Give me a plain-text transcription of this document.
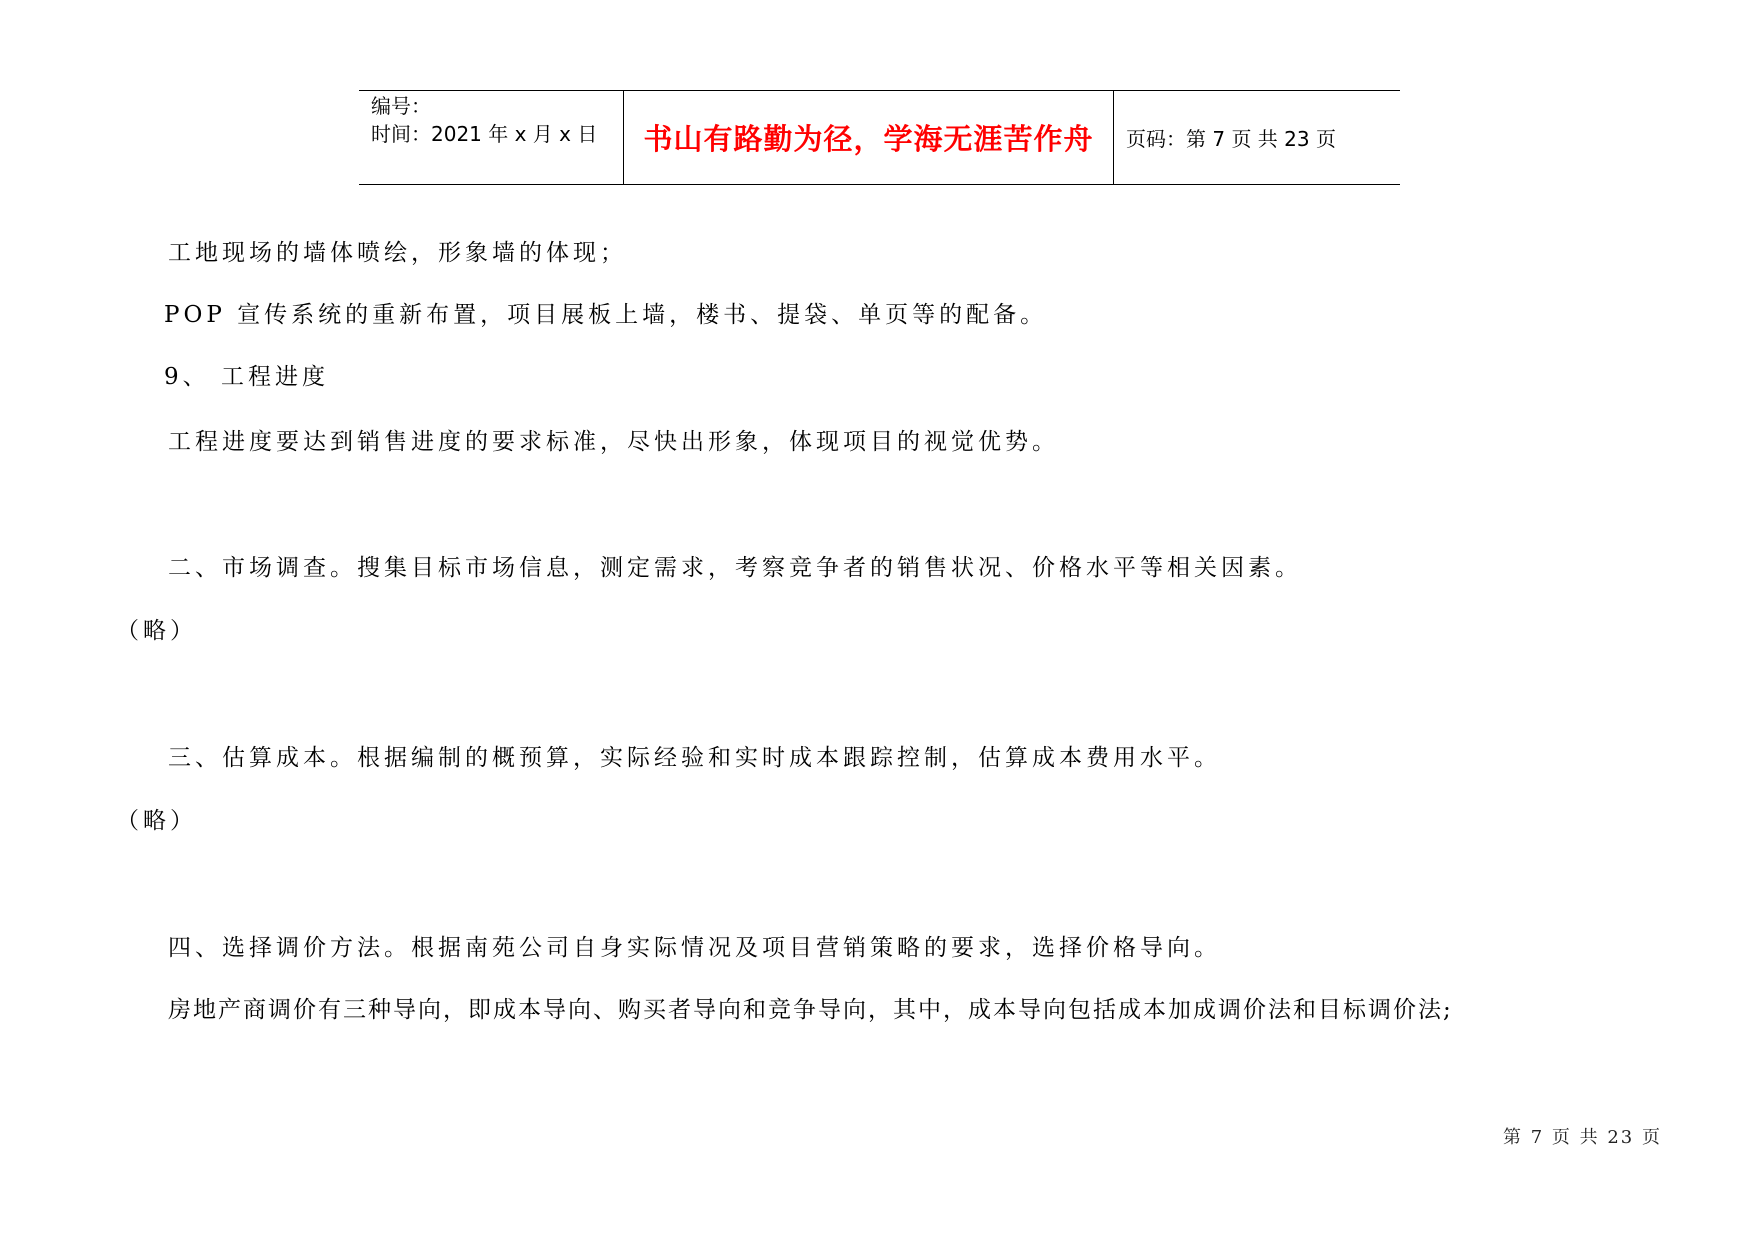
编号：
时间：2021 年 x 月 x 日 书山有路勤为径，学海无涯苦作舟 页码：第 7 页 共 23 页
工地现场的墙体喷绘，形象墙的体现；
POP 宣传系统的重新布置，项目展板上墙，楼书、提袋、单页等的配备。
9、 工程进度
工程进度要达到销售进度的要求标准，尽快出形象，体现项目的视觉优势。
二、市场调查。搜集目标市场信息，测定需求，考察竞争者的销售状况、价格水平等相关因素。
（略）
三、估算成本。根据编制的概预算，实际经验和实时成本跟踪控制，估算成本费用水平。
（略）
四、选择调价方法。根据南苑公司自身实际情况及项目营销策略的要求，选择价格导向。
房地产商调价有三种导向，即成本导向、购买者导向和竞争导向，其中，成本导向包括成本加成调价法和目标调价法;
第 7 页 共 23 页
